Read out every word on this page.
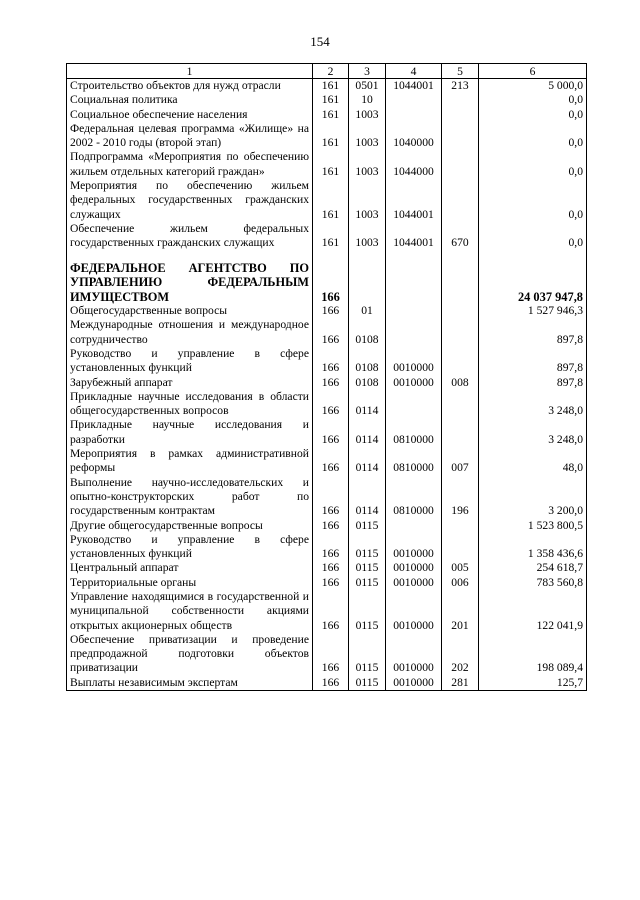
154
1	2	3	4	5	6
Строительство объектов для нужд отрасли	161	0501	1044001	213	5 000,0
Социальная политика	161	10			0,0
Социальное обеспечение населения	161	1003			0,0
Федеральная целевая программа «Жилище» на 2002 - 2010 годы (второй этап)	161	1003	1040000		0,0
Подпрограмма «Мероприятия по обеспечению жильем отдельных категорий граждан»	161	1003	1044000		0,0
Мероприятия по обеспечению жильем федеральных государственных гражданских служащих	161	1003	1044001		0,0
Обеспечение жильем федеральных государственных гражданских служащих	161	1003	1044001	670	0,0
ФЕДЕРАЛЬНОЕ АГЕНТСТВО ПО УПРАВЛЕНИЮ ФЕДЕРАЛЬНЫМ ИМУЩЕСТВОМ	166				24 037 947,8
Общегосударственные вопросы	166	01			1 527 946,3
Международные отношения и международное сотрудничество	166	0108			897,8
Руководство и управление в сфере установленных функций	166	0108	0010000		897,8
Зарубежный аппарат	166	0108	0010000	008	897,8
Прикладные научные исследования в области общегосударственных вопросов	166	0114			3 248,0
Прикладные научные исследования и разработки	166	0114	0810000		3 248,0
Мероприятия в рамках административной реформы	166	0114	0810000	007	48,0
Выполнение научно-исследовательских и опытно-конструкторских работ по государственным контрактам	166	0114	0810000	196	3 200,0
Другие общегосударственные вопросы	166	0115			1 523 800,5
Руководство и управление в сфере установленных функций	166	0115	0010000		1 358 436,6
Центральный аппарат	166	0115	0010000	005	254 618,7
Территориальные органы	166	0115	0010000	006	783 560,8
Управление находящимися в государственной и муниципальной собственности акциями открытых акционерных обществ	166	0115	0010000	201	122 041,9
Обеспечение приватизации и проведение предпродажной подготовки объектов приватизации	166	0115	0010000	202	198 089,4
Выплаты независимым экспертам	166	0115	0010000	281	125,7
